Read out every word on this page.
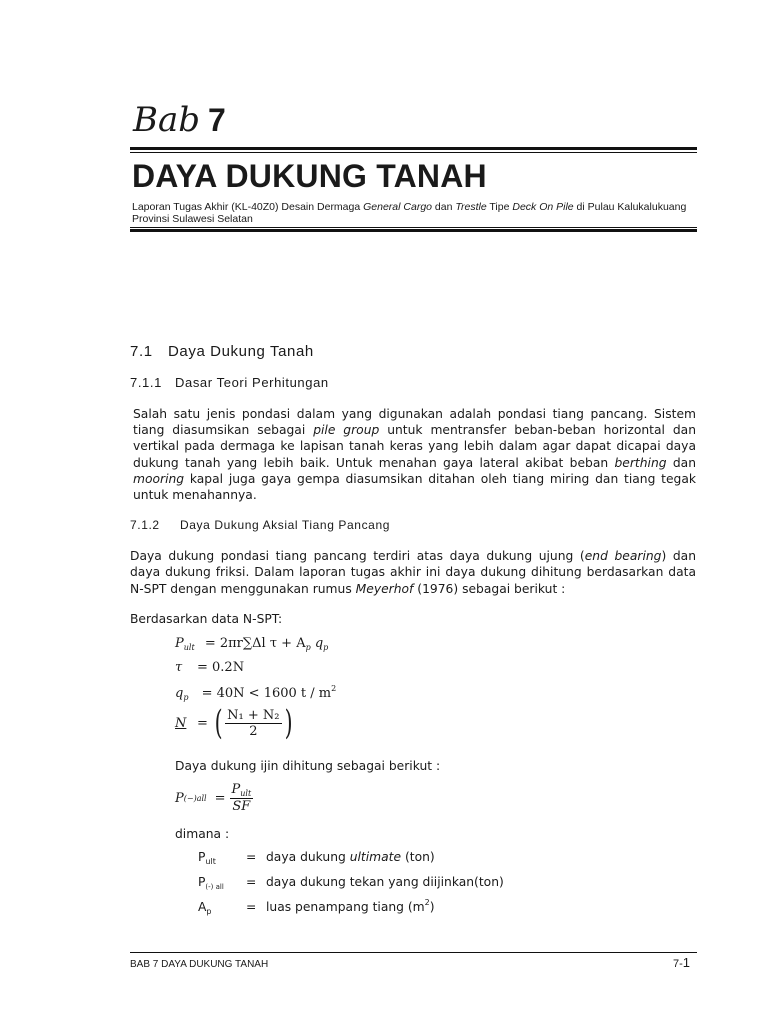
Bab 7
DAYA DUKUNG TANAH
Laporan Tugas Akhir (KL-40Z0) Desain Dermaga General Cargo dan Trestle Tipe Deck On Pile di Pulau Kalukalukuang Provinsi Sulawesi Selatan
7.1 Daya Dukung Tanah
7.1.1 Dasar Teori Perhitungan
Salah satu jenis pondasi dalam yang digunakan adalah pondasi tiang pancang. Sistem tiang diasumsikan sebagai pile group untuk mentransfer beban-beban horizontal dan vertikal pada dermaga ke lapisan tanah keras yang lebih dalam agar dapat dicapai daya dukung tanah yang lebih baik. Untuk menahan gaya lateral akibat beban berthing dan mooring kapal juga gaya gempa diasumsikan ditahan oleh tiang miring dan tiang tegak untuk menahannya.
7.1.2 Daya Dukung Aksial Tiang Pancang
Daya dukung pondasi tiang pancang terdiri atas daya dukung ujung (end bearing) dan daya dukung friksi. Dalam laporan tugas akhir ini daya dukung dihitung berdasarkan data N-SPT dengan menggunakan rumus Meyerhof (1976) sebagai berikut :
Berdasarkan data N-SPT:
$P_{ult} = 2\pi r\sum\Delta l$ $\tau + A_p$ $q_p$
τ = 0.2N
$q_p = 40N < 1600$ t / $m^2$
N = ( $\frac{\text{N₁ + N₂}}{2}$ )
Daya dukung ijin dihitung sebagai berikut :
P $(-)all = \frac{P_{ult}}{SF}$
dimana :
$P_{ult}$ = daya dukung ultimate (ton)
$P_{(-) all}$ = daya dukung tekan yang diijinkan(ton)
$A_p$	= luas penampang tiang $(m^2)$
BAB 7 DAYA DUKUNG TANAH	7-1
